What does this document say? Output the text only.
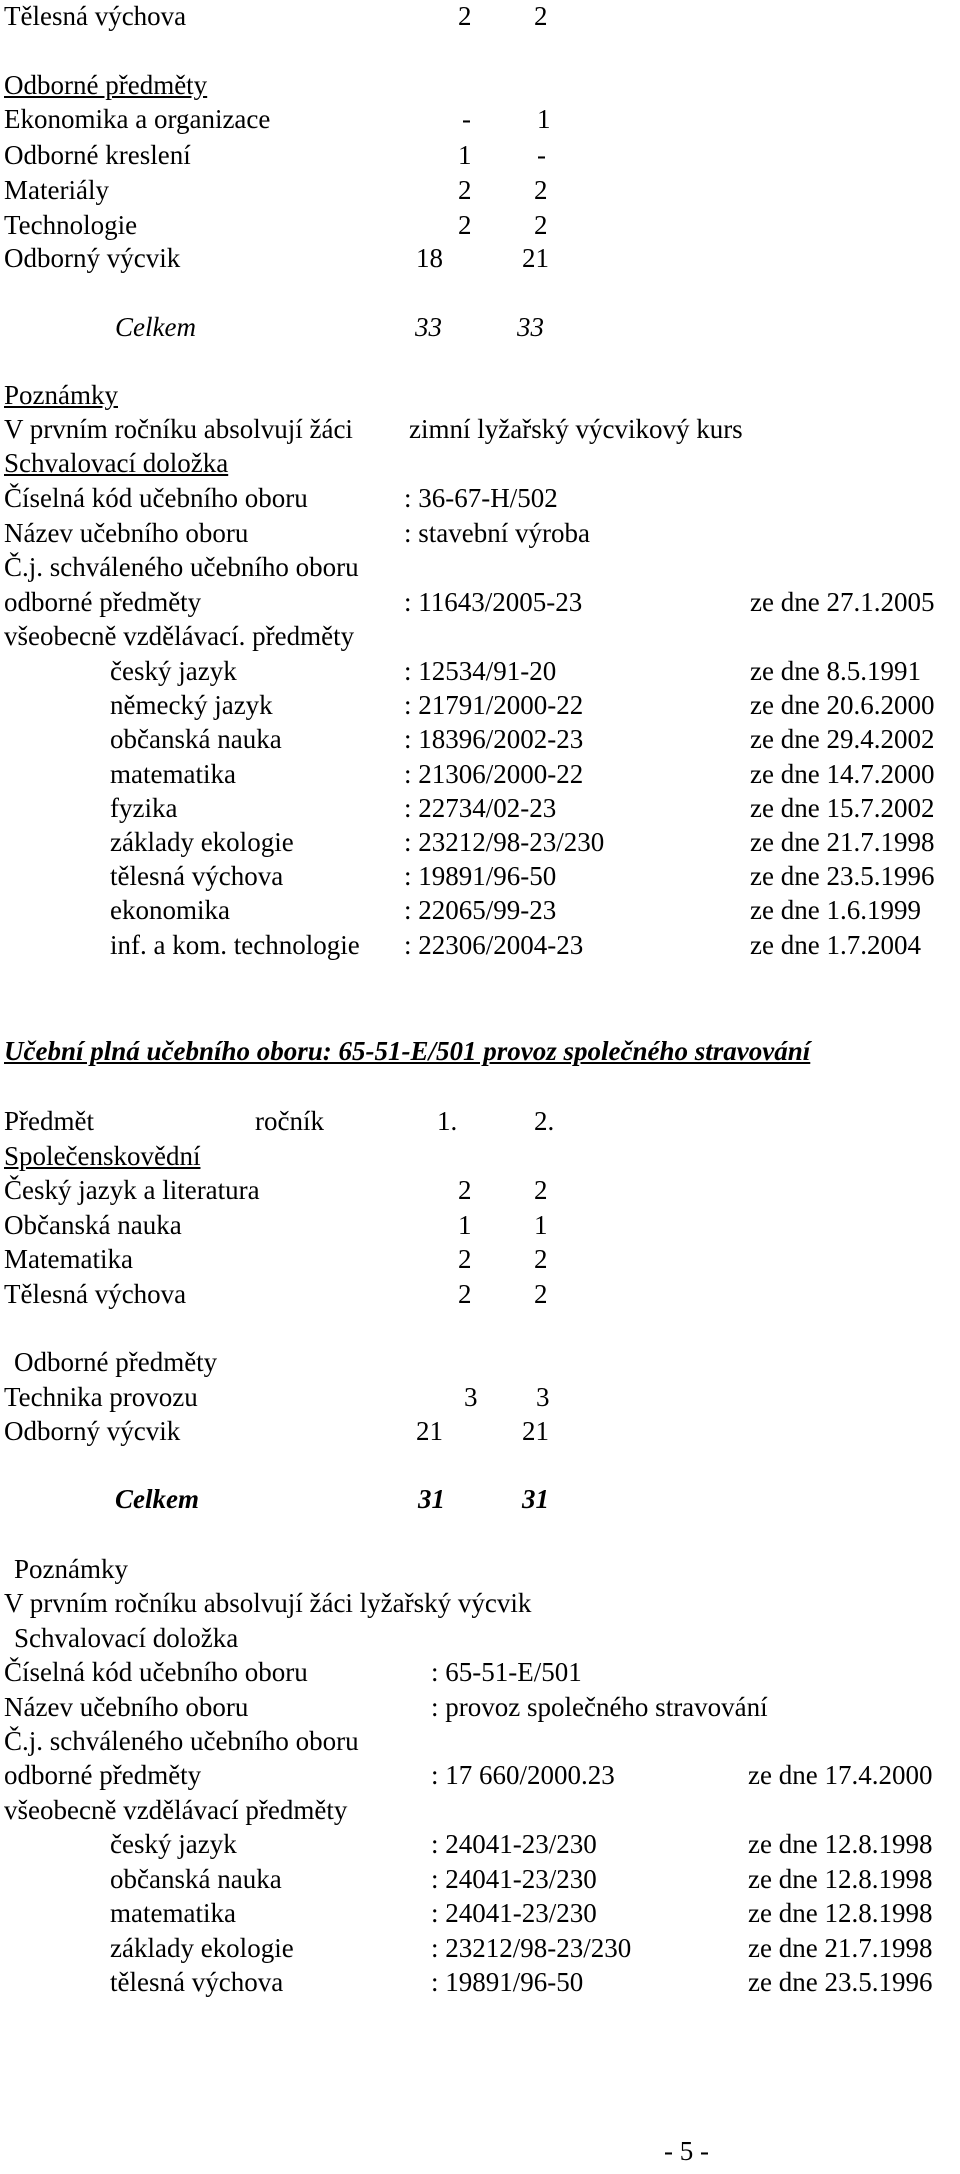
Tělesná výchova	2 2
Odborné předměty
Ekonomika a organizace	- 1
Odborné kreslení	1 -
Materiály	2 2
Technologie	2 2
Odborný výcvik	18	21
Celkem	33	33
Poznámky
V prvním ročníku absolvují žáci zimní lyžařský výcvikový kurs
Schvalovací doložka
Číselná kód učebního oboru	: 36-67-H/502
Název učebního oboru	: stavební výroba
Č.j. schváleného učebního oboru
odborné předměty	: 11643/2005-23	ze dne 27.1.2005
všeobecně vzdělávací. předměty
český jazyk	: 12534/91-20	ze dne 8.5.1991
německý jazyk	: 21791/2000-22	ze dne 20.6.2000
občanská nauka	: 18396/2002-23	ze dne 29.4.2002
matematika	: 21306/2000-22	ze dne 14.7.2000
fyzika	: 22734/02-23	ze dne 15.7.2002
základy ekologie	: 23212/98-23/230	ze dne 21.7.1998
tělesná výchova	: 19891/96-50	ze dne 23.5.1996
ekonomika	: 22065/99-23	ze dne 1.6.1999
inf. a kom. technologie : 22306/2004-23	ze dne 1.7.2004
Učební plná učebního oboru: 65-51-E/501 provoz společného stravování
Předmět	ročník	1.	2.
Společenskovědní
Český jazyk a literatura	2 2
Občanská nauka	1 1
Matematika	2 2
Tělesná výchova	2 2
Odborné předměty
Technika provozu	3 3
Odborný výcvik	21	21
Celkem	31	31
Poznámky
V prvním ročníku absolvují žáci lyžařský výcvik
Schvalovací doložka
Číselná kód učebního oboru	: 65-51-E/501
Název učebního oboru	: provoz společného stravování
Č.j. schváleného učebního oboru
odborné předměty	: 17 660/2000.23	ze dne 17.4.2000
všeobecně vzdělávací předměty
český jazyk	: 24041-23/230	ze dne 12.8.1998
občanská nauka	: 24041-23/230	ze dne 12.8.1998
matematika	: 24041-23/230	ze dne 12.8.1998
základy ekologie	: 23212/98-23/230	ze dne 21.7.1998
tělesná výchova	: 19891/96-50	ze dne 23.5.1996
- 5 -
